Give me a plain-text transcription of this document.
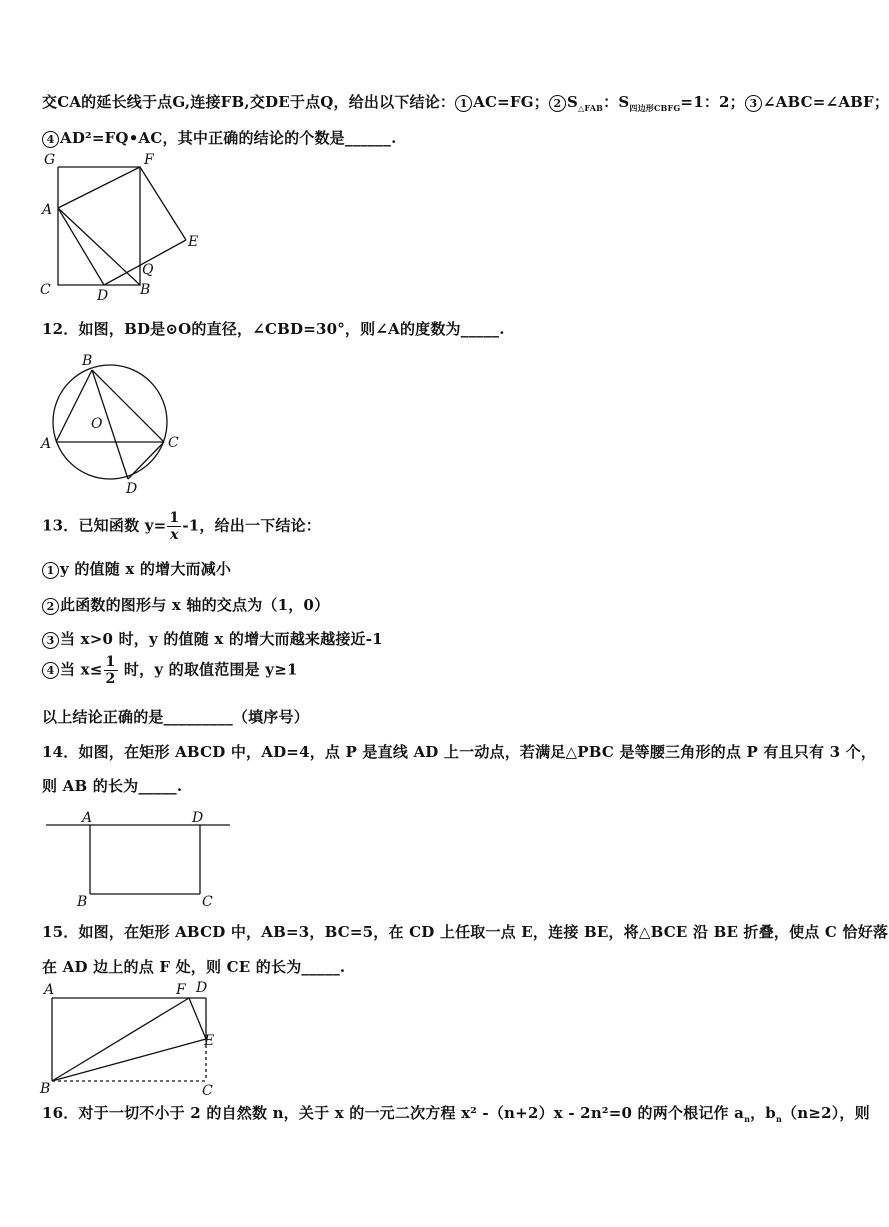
交CA的延长线于点G,连接FB,交DE于点Q，给出以下结论： 1 AC=FG； 2 $S_{\triangle FAB}$：$S_{四边形CBFG}=1$：2； 3 ∠ABC=∠ABF；
4 AD²=FQ•AC，其中正确的结论的个数是______.
G	F
A
E
Q
C	D B
12．如图，BD是⊙O的直径，∠CBD=30°，则∠A的度数为_____.
B
O
A	C
D
13．已知函数 $y= \frac{1}{x} -1$，给出一下结论：
1 y 的值随 x 的增大而减小
2 此函数的图形与 x 轴的交点为（1，0）
3 当 x>0 时，y 的值随 x 的增大而越来越接近-1
4 当 $x\le \frac{1}{2}$ 时，y 的取值范围是 y≥1
以上结论正确的是_________（填序号）
14．如图，在矩形 ABCD 中，AD=4，点 P 是直线 AD 上一动点，若满足△PBC 是等腰三角形的点 P 有且只有 3 个，
则 AB 的长为_____.
A	D
B	C
15．如图，在矩形 ABCD 中，AB=3，BC=5，在 CD 上任取一点 E，连接 BE，将△BCE 沿 BE 折叠，使点 C 恰好落
在 AD 边上的点 F 处，则 CE 的长为_____.
A	F D
E
B	C
16．对于一切不小于 2 的自然数 n，关于 x 的一元二次方程 x² -（n+2）x - 2n²=0 的两个根记作 $a_n$，$b_n(n\ge 2)$，则
